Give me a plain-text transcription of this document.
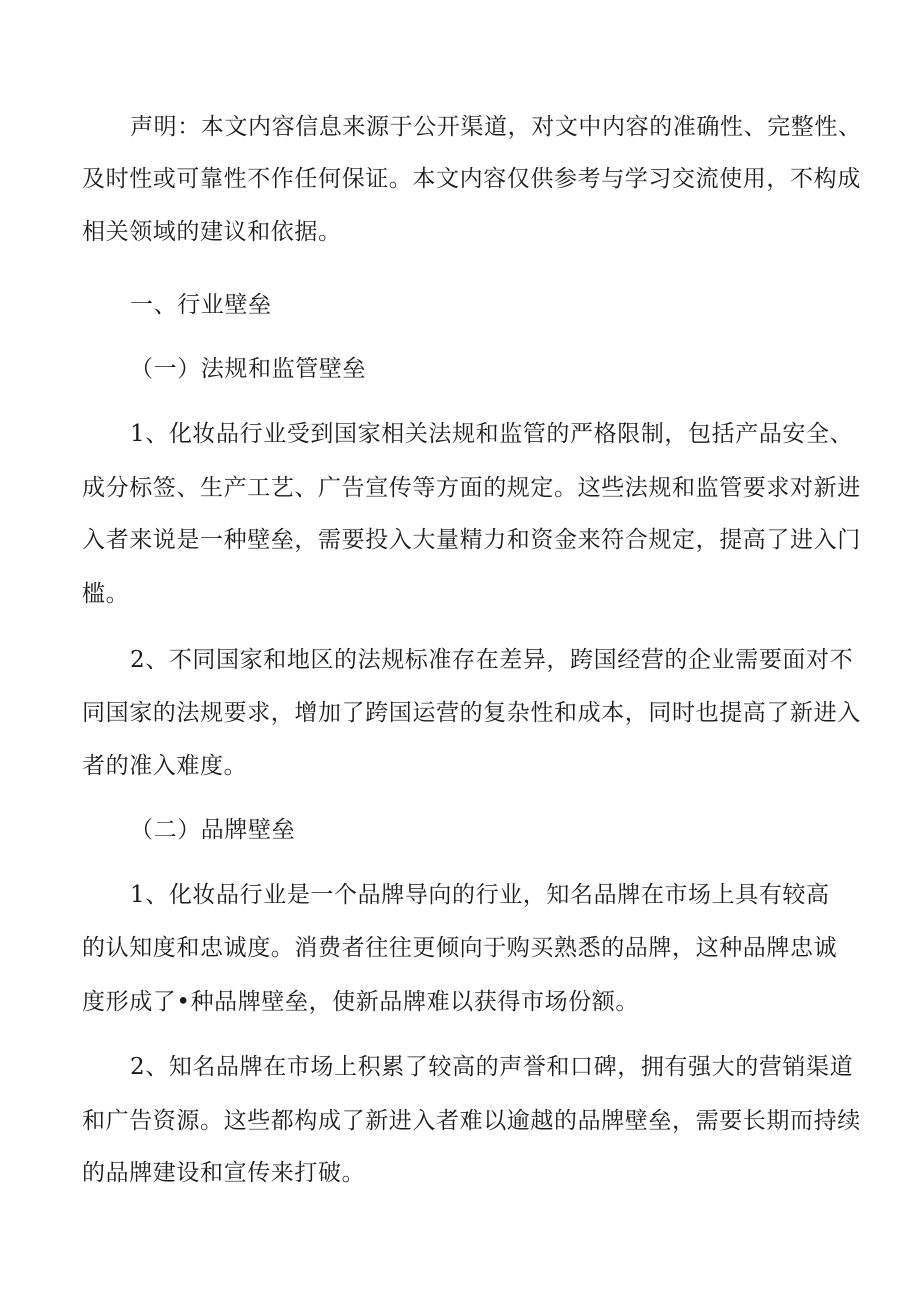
声明：本文内容信息来源于公开渠道，对文中内容的准确性、完整性、

及时性或可靠性不作任何保证。本文内容仅供参考与学习交流使用，不构成

相关领域的建议和依据。

一、行业壁垒

（一）法规和监管壁垒

1、化妆品行业受到国家相关法规和监管的严格限制，包括产品安全、

成分标签、生产工艺、广告宣传等方面的规定。这些法规和监管要求对新进

入者来说是一种壁垒，需要投入大量精力和资金来符合规定，提高了进入门

槛。

2、不同国家和地区的法规标准存在差异，跨国经营的企业需要面对不

同国家的法规要求，增加了跨国运营的复杂性和成本，同时也提高了新进入

者的准入难度。

（二）品牌壁垒

1、化妆品行业是一个品牌导向的行业，知名品牌在市场上具有较高

的认知度和忠诚度。消费者往往更倾向于购买熟悉的品牌，这种品牌忠诚

度形成了•种品牌壁垒，使新品牌难以获得市场份额。

2、知名品牌在市场上积累了较高的声誉和口碑，拥有强大的营销渠道

和广告资源。这些都构成了新进入者难以逾越的品牌壁垒，需要长期而持续

的品牌建设和宣传来打破。
